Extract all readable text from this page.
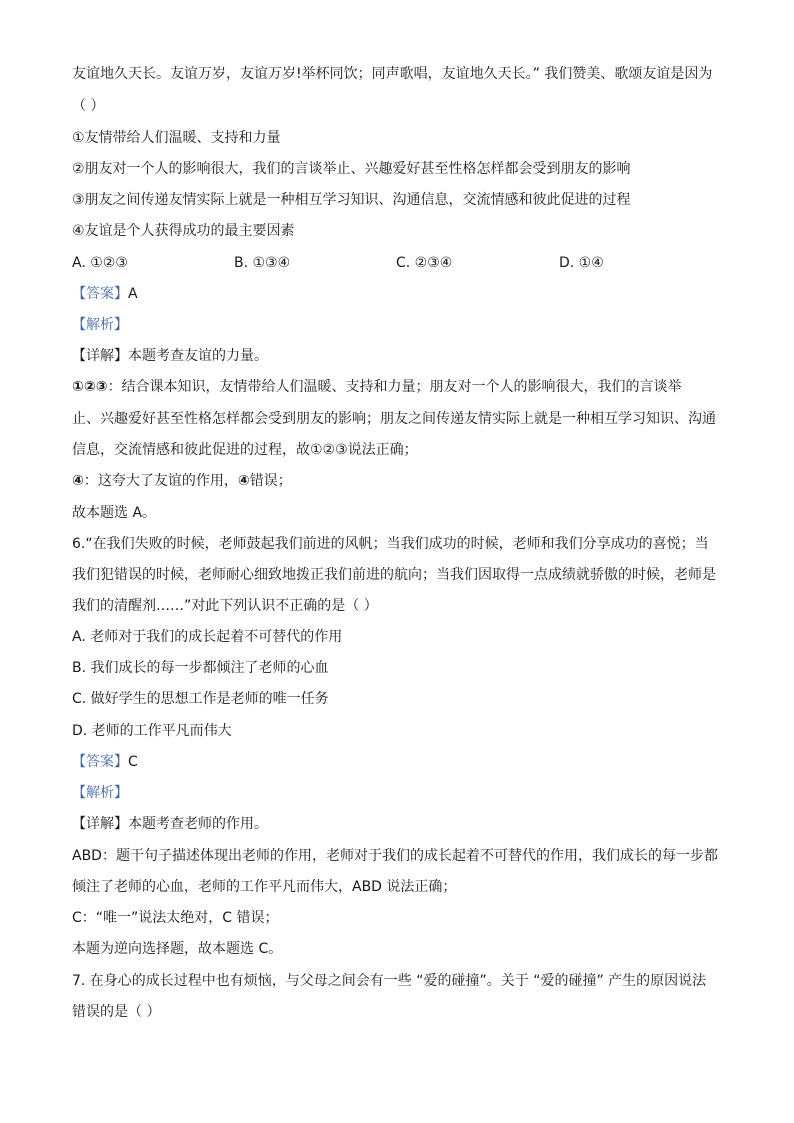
友谊地久天长。友谊万岁，友谊万岁!举杯同饮；同声歌唱，友谊地久天长。” 我们赞美、歌颂友谊是因为
（ ）
①友情带给人们温暖、支持和力量
②朋友对一个人的影响很大，我们的言谈举止、兴趣爱好甚至性格怎样都会受到朋友的影响
③朋友之间传递友情实际上就是一种相互学习知识、沟通信息，交流情感和彼此促进的过程
④友谊是个人获得成功的最主要因素
A. ①②③	B. ①③④	C. ②③④	D. ①④
【答案】A
【解析】
【详解】本题考查友谊的力量。
①②③：结合课本知识，友情带给人们温暖、支持和力量；朋友对一个人的影响很大，我们的言谈举
止、兴趣爱好甚至性格怎样都会受到朋友的影响；朋友之间传递友情实际上就是一种相互学习知识、沟通
信息，交流情感和彼此促进的过程，故①②③说法正确；
④：这夸大了友谊的作用，④错误；
故本题选 A。
6.“在我们失败的时候，老师鼓起我们前进的风帆；当我们成功的时候，老师和我们分享成功的喜悦；当
我们犯错误的时候，老师耐心细致地拨正我们前进的航向；当我们因取得一点成绩就骄傲的时候，老师是
我们的清醒剂……”对此下列认识不正确的是（ ）
A. 老师对于我们的成长起着不可替代的作用
B. 我们成长的每一步都倾注了老师的心血
C. 做好学生的思想工作是老师的唯一任务
D. 老师的工作平凡而伟大
【答案】C
【解析】
【详解】本题考查老师的作用。
ABD：题干句子描述体现出老师的作用，老师对于我们的成长起着不可替代的作用，我们成长的每一步都
倾注了老师的心血，老师的工作平凡而伟大，ABD 说法正确；
C：“唯一”说法太绝对，C 错误；
本题为逆向选择题，故本题选 C。
7. 在身心的成长过程中也有烦恼，与父母之间会有一些 “爱的碰撞”。关于 “爱的碰撞” 产生的原因说法
错误的是（ ）
